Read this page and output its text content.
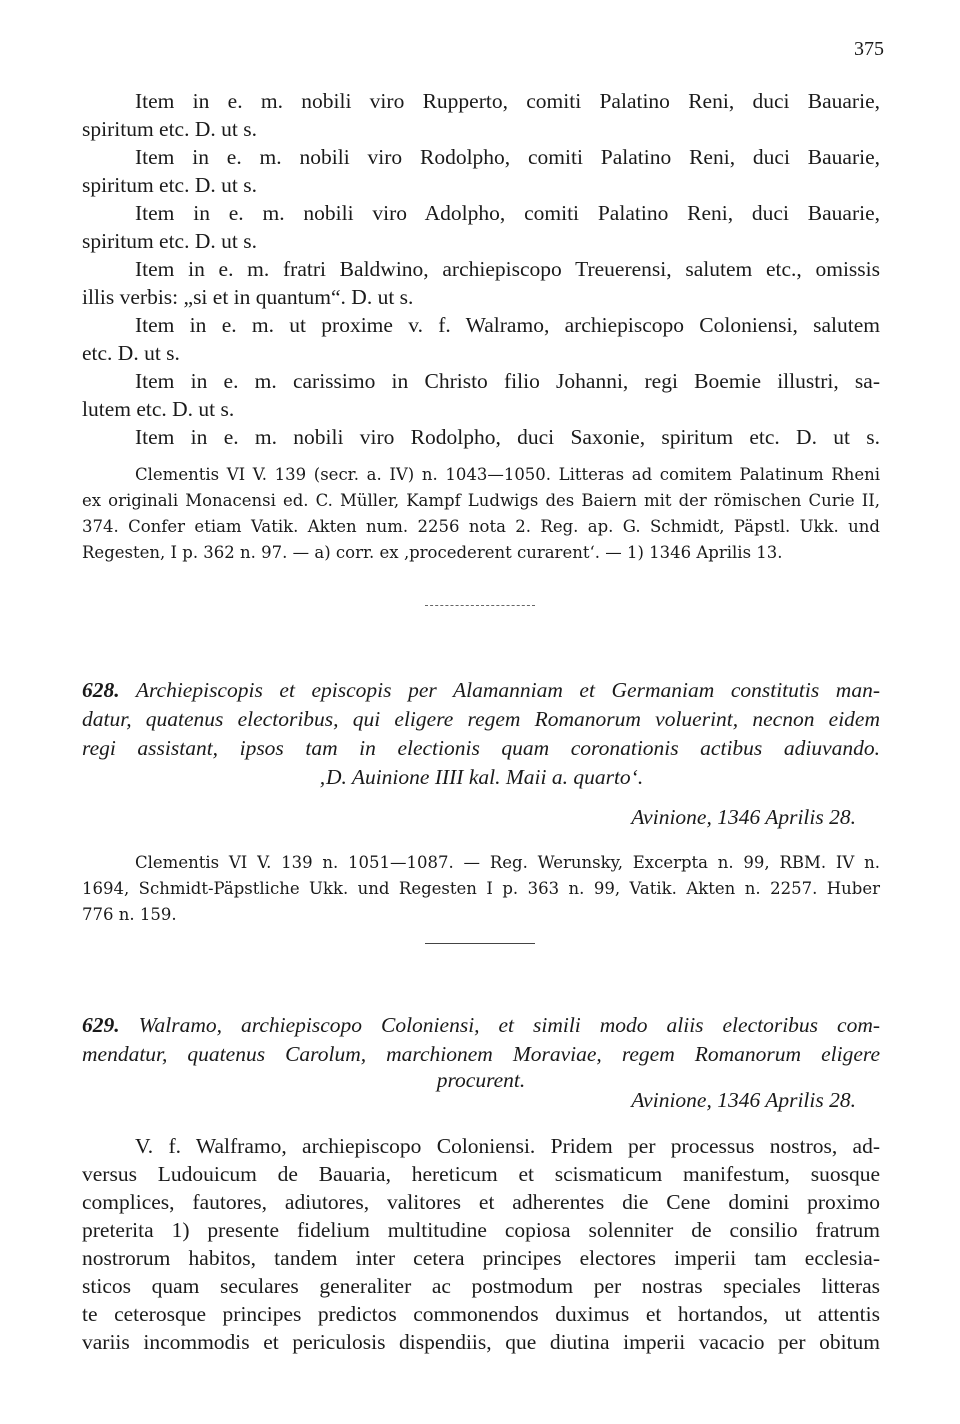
375
Item in e. m. nobili viro Rupperto, comiti Palatino Reni, duci Bauarie,
spiritum etc. D. ut s.
Item in e. m. nobili viro Rodolpho, comiti Palatino Reni, duci Bauarie,
spiritum etc. D. ut s.
Item in e. m. nobili viro Adolpho, comiti Palatino Reni, duci Bauarie,
spiritum etc. D. ut s.
Item in e. m. fratri Baldwino, archiepiscopo Treuerensi, salutem etc., omissis
illis verbis: „si et in quantum“. D. ut s.
Item in e. m. ut proxime v. f. Walramo, archiepiscopo Coloniensi, salutem
etc. D. ut s.
Item in e. m. carissimo in Christo filio Johanni, regi Boemie illustri, sa-
lutem etc. D. ut s.
Item in e. m. nobili viro Rodolpho, duci Saxonie, spiritum etc. D. ut s.
Clementis VI V. 139 (secr. a. IV) n. 1043—1050. Litteras ad comitem Palatinum Rheni
ex originali Monacensi ed. C. Müller, Kampf Ludwigs des Baiern mit der römischen Curie II,
374. Confer etiam Vatik. Akten num. 2256 nota 2. Reg. ap. G. Schmidt, Päpstl. Ukk. und
Regesten, I p. 362 n. 97. — a) corr. ex ‚procederent curarent‘. — 1) 1346 Aprilis 13.
628. Archiepiscopis et episcopis per Alamanniam et Germaniam constitutis man-
datur, quatenus electoribus, qui eligere regem Romanorum voluerint, necnon eidem
regi assistant, ipsos tam in electionis quam coronationis actibus adiuvando.
‚D. Auinione IIII kal. Maii a. quarto‘.
Avinione, 1346 Aprilis 28.
Clementis VI V. 139 n. 1051—1087. — Reg. Werunsky, Excerpta n. 99, RBM. IV n.
1694, Schmidt-Päpstliche Ukk. und Regesten I p. 363 n. 99, Vatik. Akten n. 2257. Huber
776 n. 159.
629. Walramo, archiepiscopo Coloniensi, et simili modo aliis electoribus com-
mendatur, quatenus Carolum, marchionem Moraviae, regem Romanorum eligere
procurent.
Avinione, 1346 Aprilis 28.
V. f. Walframo, archiepiscopo Coloniensi. Pridem per processus nostros, ad-
versus Ludouicum de Bauaria, hereticum et scismaticum manifestum, suosque
complices, fautores, adiutores, valitores et adherentes die Cene domini proximo
preterita 1) presente fidelium multitudine copiosa solenniter de consilio fratrum
nostrorum habitos, tandem inter cetera principes electores imperii tam ecclesia-
sticos quam seculares generaliter ac postmodum per nostras speciales litteras
te ceterosque principes predictos commonendos duximus et hortandos, ut attentis
variis incommodis et periculosis dispendiis, que diutina imperii vacacio per obitum
